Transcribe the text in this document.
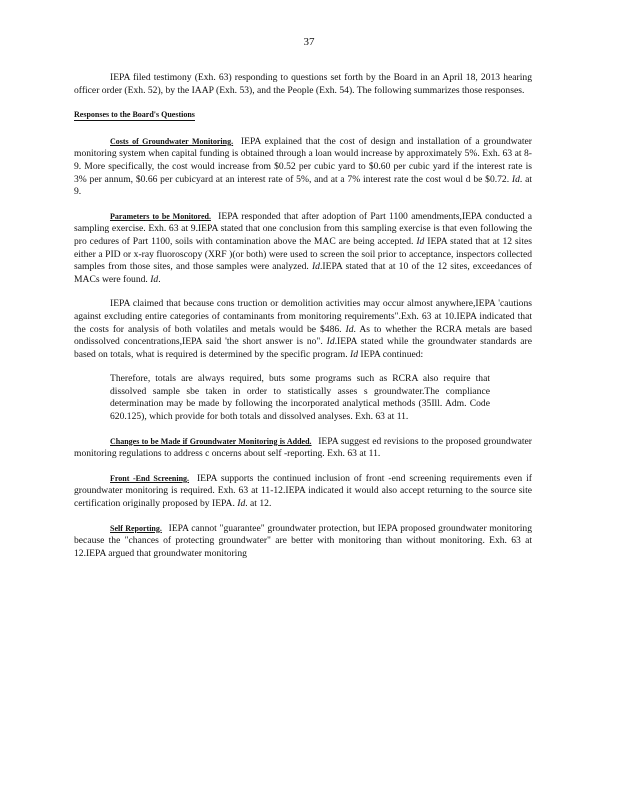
37

IEPA filed testimony (Exh. 63) responding to questions set forth by the Board in an April 18, 2013 hearing officer order (Exh. 52), by the IAAP (Exh. 53), and the People (Exh. 54). The following summarizes those responses.

Responses to the Board's Questions

Costs of Groundwater Monitoring. IEPA explained that the cost of design and installation of a groundwater monitoring system when capital funding is obtained through a loan would increase by approximately 5%. Exh. 63 at 8-9. More specifically, the cost would increase from $0.52 per cubic yard to $0.60 per cubic yard if the interest rate is 3% per annum, $0.66 per cubicyard at an interest rate of 5%, and at a 7% interest rate the cost woul d be $0.72. Id. at 9.

Parameters to be Monitored. IEPA responded that after adoption of Part 1100 amendments,IEPA conducted a sampling exercise. Exh. 63 at 9.IEPA stated that one conclusion from this sampling exercise is that even following the pro cedures of Part 1100, soils with contamination above the MAC are being accepted. Id IEPA stated that at 12 sites either a PID or x-ray fluoroscopy (XRF )(or both) were used to screen the soil prior to acceptance, inspectors collected samples from those sites, and those samples were analyzed. Id.IEPA stated that at 10 of the 12 sites, exceedances of MACs were found. Id.

IEPA claimed that because cons truction or demolition activities may occur almost anywhere,IEPA 'cautions against excluding entire categories of contaminants from monitoring requirements".Exh. 63 at 10.IEPA indicated that the costs for analysis of both volatiles and metals would be $486. Id. As to whether the RCRA metals are based ondissolved concentrations,IEPA said 'the short answer is no". Id.IEPA stated while the groundwater standards are based on totals, what is required is determined by the specific program. Id IEPA continued:

Therefore, totals are always required, buts some programs such as RCRA also require that dissolved sample sbe taken in order to statistically asses s groundwater.The compliance determination may be made by following the incorporated analytical methods (35Ill. Adm. Code 620.125), which provide for both totals and dissolved analyses. Exh. 63 at 11.

Changes to be Made if Groundwater Monitoring is Added. IEPA suggest ed revisions to the proposed groundwater monitoring regulations to address c oncerns about self -reporting. Exh. 63 at 11.

Front -End Screening. IEPA supports the continued inclusion of front -end screening requirements even if groundwater monitoring is required. Exh. 63 at 11-12.IEPA indicated it would also accept returning to the source site certification originally proposed by IEPA. Id. at 12.

Self Reporting. IEPA cannot "guarantee" groundwater protection, but IEPA proposed groundwater monitoring because the "chances of protecting groundwater" are better with monitoring than without monitoring. Exh. 63 at 12.IEPA argued that groundwater monitoring
